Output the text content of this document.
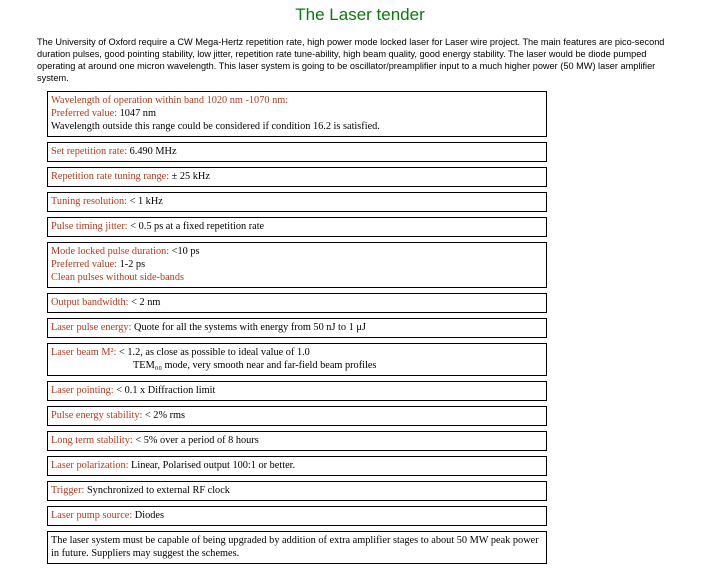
The Laser tender
The University of Oxford require a CW Mega-Hertz repetition rate, high power mode locked laser for Laser wire project. The main features are pico-second duration pulses, good pointing stability, low jitter, repetition rate tune-ability, high beam quality, good energy stability. The laser would be diode pumped operating at around one micron wavelength. This laser system is going to be oscillator/preamplifier input to a much higher power (50 MW) laser amplifier system.
Wavelength of operation within band 1020 nm -1070 nm:
Preferred value: 1047 nm
Wavelength outside this range could be considered if condition 16.2 is satisfied.
Set repetition rate: 6.490 MHz
Repetition rate tuning range: ± 25 kHz
Tuning resolution: < 1 kHz
Pulse timing jitter: < 0.5 ps at a fixed repetition rate
Mode locked pulse duration: <10 ps
Preferred value: 1-2 ps
Clean pulses without side-bands
Output bandwidth: < 2 nm
Laser pulse energy: Quote for all the systems with energy from 50 nJ to 1 μJ
Laser beam M²: < 1.2, as close as possible to ideal value of 1.0
TEM₀₀ mode, very smooth near and far-field beam profiles
Laser pointing: < 0.1 x Diffraction limit
Pulse energy stability: < 2% rms
Long term stability: < 5% over a period of 8 hours
Laser polarization: Linear, Polarised output 100:1 or better.
Trigger: Synchronized to external RF clock
Laser pump source: Diodes
The laser system must be capable of being upgraded by addition of extra amplifier stages to about 50 MW peak power in future. Suppliers may suggest the schemes.
